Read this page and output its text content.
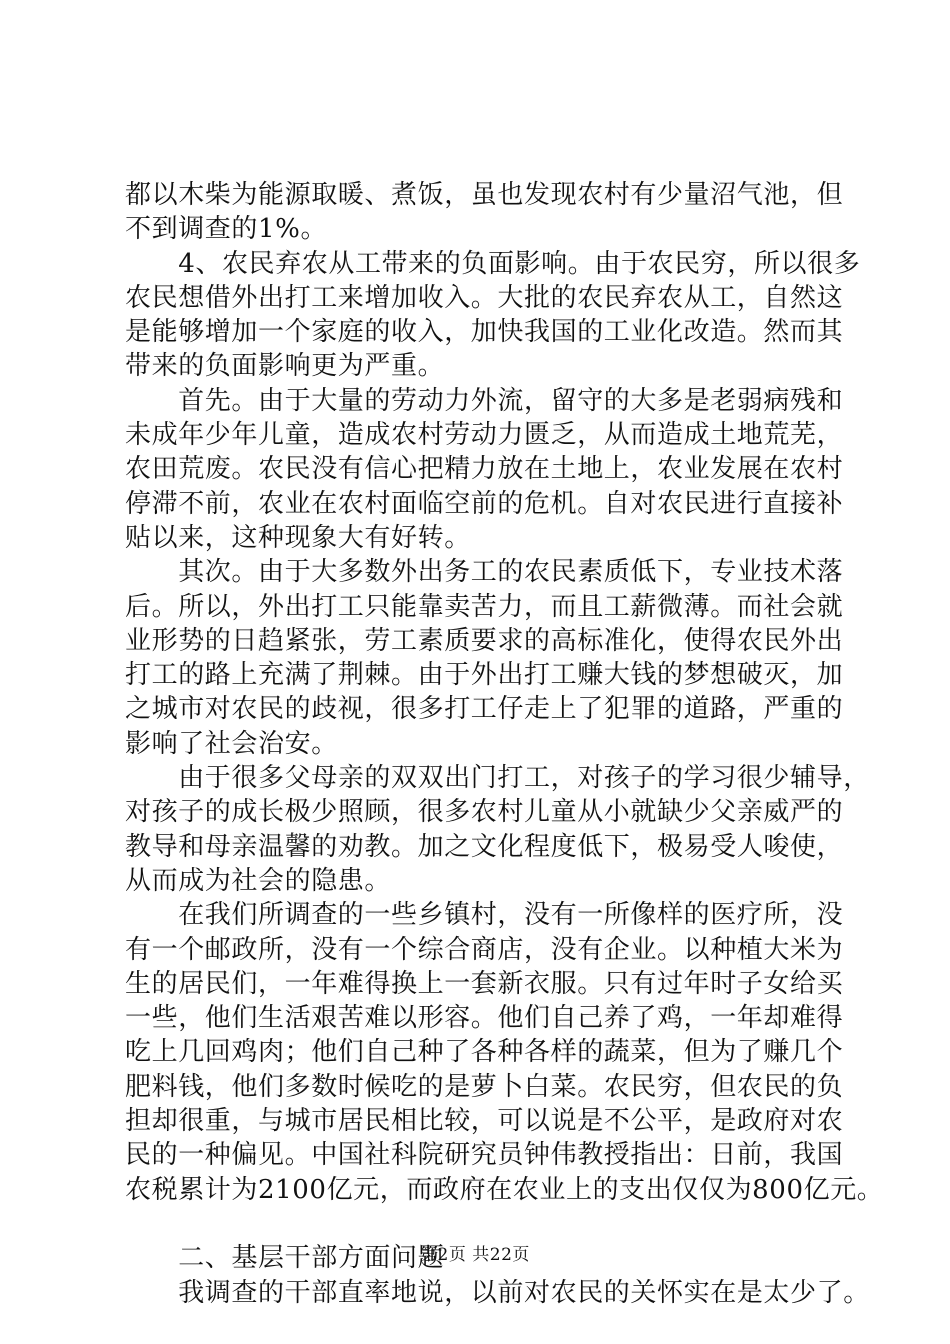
都以木柴为能源取暖、煮饭，虽也发现农村有少量沼气池，但
不到调查的1%。
　　4、农民弃农从工带来的负面影响。由于农民穷，所以很多
农民想借外出打工来增加收入。大批的农民弃农从工，自然这
是能够增加一个家庭的收入，加快我国的工业化改造。然而其
带来的负面影响更为严重。
　　首先。由于大量的劳动力外流，留守的大多是老弱病残和
未成年少年儿童，造成农村劳动力匮乏，从而造成土地荒芜，
农田荒废。农民没有信心把精力放在土地上，农业发展在农村
停滞不前，农业在农村面临空前的危机。自对农民进行直接补
贴以来，这种现象大有好转。
　　其次。由于大多数外出务工的农民素质低下，专业技术落
后。所以，外出打工只能靠卖苦力，而且工薪微薄。而社会就
业形势的日趋紧张，劳工素质要求的高标准化，使得农民外出
打工的路上充满了荆棘。由于外出打工赚大钱的梦想破灭，加
之城市对农民的歧视，很多打工仔走上了犯罪的道路，严重的
影响了社会治安。
　　由于很多父母亲的双双出门打工，对孩子的学习很少辅导，
对孩子的成长极少照顾，很多农村儿童从小就缺少父亲威严的
教导和母亲温馨的劝教。加之文化程度低下，极易受人唆使，
从而成为社会的隐患。
　　在我们所调查的一些乡镇村，没有一所像样的医疗所，没
有一个邮政所，没有一个综合商店，没有企业。以种植大米为
生的居民们，一年难得换上一套新衣服。只有过年时子女给买
一些，他们生活艰苦难以形容。他们自己养了鸡，一年却难得
吃上几回鸡肉；他们自己种了各种各样的蔬菜，但为了赚几个
肥料钱，他们多数时候吃的是萝卜白菜。农民穷，但农民的负
担却很重，与城市居民相比较，可以说是不公平，是政府对农
民的一种偏见。中国社科院研究员钟伟教授指出：日前，我国
农税累计为2100亿元，而政府在农业上的支出仅仅为800亿元。
　　二、基层干部方面问题
　　我调查的干部直率地说，以前对农民的关怀实在是太少了。
第2页 共22页
